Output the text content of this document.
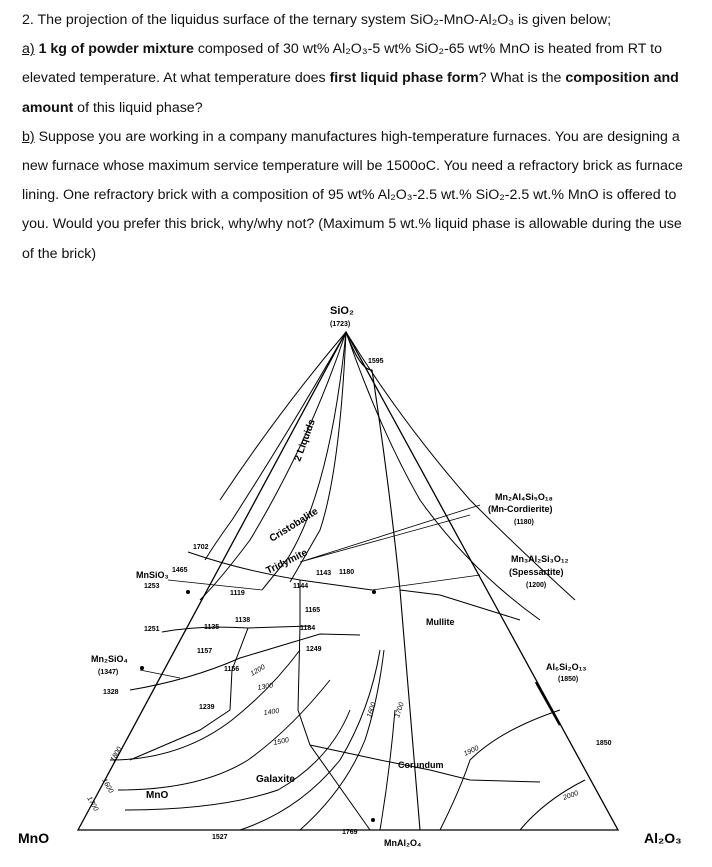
2. The projection of the liquidus surface of the ternary system SiO₂-MnO-Al₂O₃ is given below;

a) 1 kg of powder mixture composed of 30 wt% Al₂O₃-5 wt% SiO₂-65 wt% MnO is heated from RT to elevated temperature. At what temperature does first liquid phase form? What is the composition and amount of this liquid phase?

b) Suppose you are working in a company manufactures high-temperature furnaces. You are designing a new furnace whose maximum service temperature will be 1500oC. You need a refractory brick as furnace lining. One refractory brick with a composition of 95 wt% Al₂O₃-2.5 wt.% SiO₂-2.5 wt.% MnO is offered to you. Would you prefer this brick, why/why not? (Maximum 5 wt.% liquid phase is allowable during the use of the brick)

SiO₂
(1723)
MnO	Al₂O₃
2 Liquids
Cristobalite
Tridymite
Mullite
Corundum
Galaxite
MnO
Mn₂Al₄Si₅O₁₈
(Mn-Cordierite)
(1180)
Mn₃Al₂Si₃O₁₂
(Spessartite)
(1200)
Al₆Si₂O₁₃
(1850)
MnSiO₃
1253
Mn₂SiO₄
(1347)
MnAl₂O₄
1595
1702
1465
1251
1328
1119
1143 1180
1144
1165
1135
1138
1184
1157
1156
1249
1239
1527
1769
1850
1200
1300
1400
1500
1600 1700
1800	1900
2000
1600
1700
